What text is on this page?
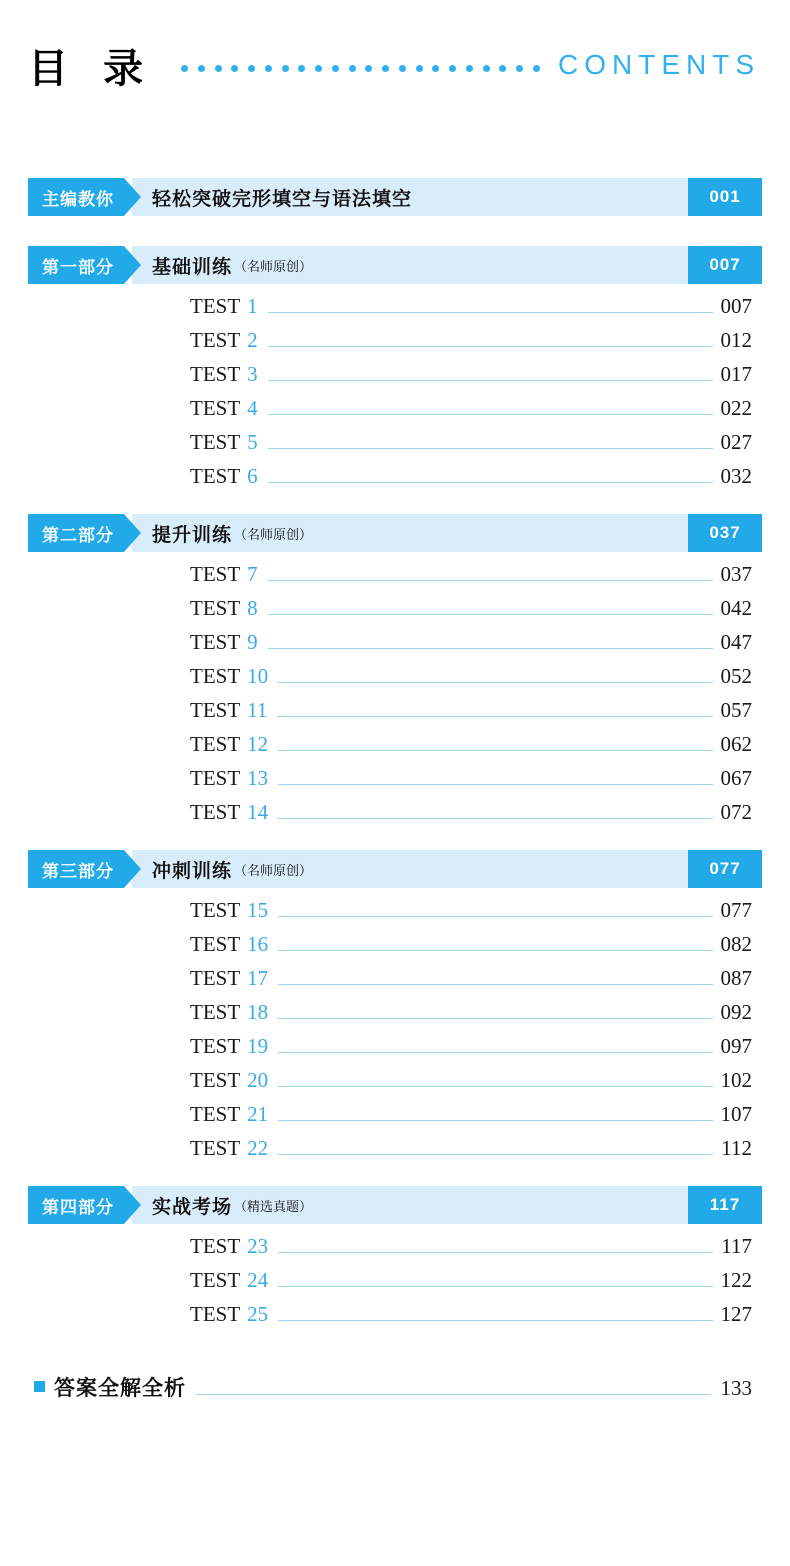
目 录	CONTENTS
主编教你	轻松突破完形填空与语法填空	001
第一部分	基础训练 （名师原创）	007
TEST 1	007
TEST 2	012
TEST 3	017
TEST 4	022
TEST 5	027
TEST 6	032
第二部分	提升训练 （名师原创）	037
TEST 7	037
TEST 8	042
TEST 9	047
TEST 10	052
TEST 11	057
TEST 12	062
TEST 13	067
TEST 14	072
第三部分	冲刺训练 （名师原创）	077
TEST 15	077
TEST 16	082
TEST 17	087
TEST 18	092
TEST 19	097
TEST 20	102
TEST 21	107
TEST 22	112
第四部分	实战考场 （精选真题）	117
TEST 23	117
TEST 24	122
TEST 25	127
答案全解全析	133
